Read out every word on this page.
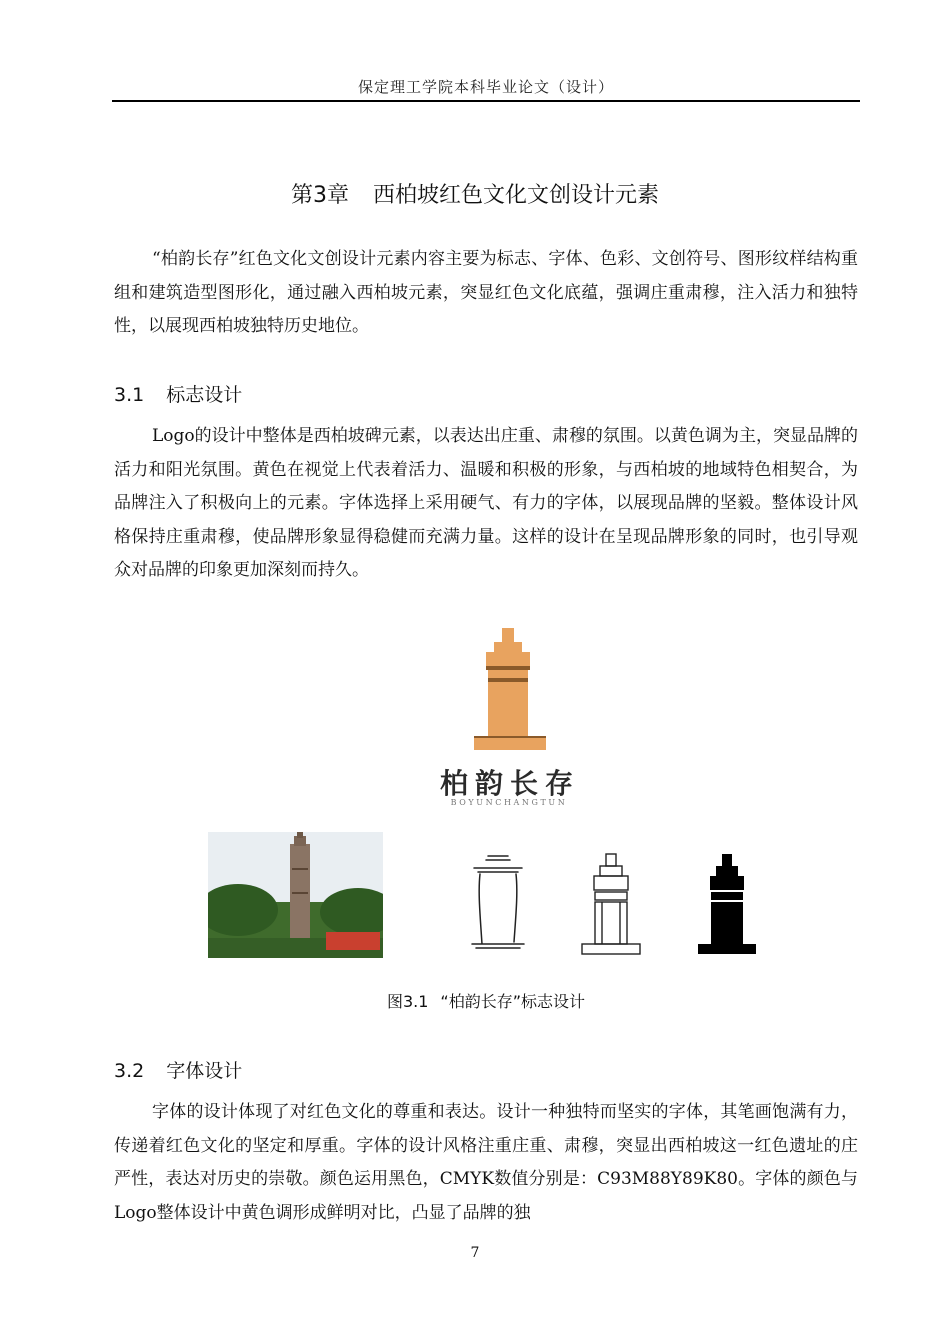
保定理工学院本科毕业论文（设计）
第3章 西柏坡红色文化文创设计元素
“柏韵长存”红色文化文创设计元素内容主要为标志、字体、色彩、文创符号、图形纹样结构重组和建筑造型图形化，通过融入西柏坡元素，突显红色文化底蕴，强调庄重肃穆，注入活力和独特性，以展现西柏坡独特历史地位。
3.1 标志设计
Logo的设计中整体是西柏坡碑元素，以表达出庄重、肃穆的氛围。以黄色调为主，突显品牌的活力和阳光氛围。黄色在视觉上代表着活力、温暖和积极的形象，与西柏坡的地域特色相契合，为品牌注入了积极向上的元素。字体选择上采用硬气、有力的字体，以展现品牌的坚毅。整体设计风格保持庄重肃穆，使品牌形象显得稳健而充满力量。这样的设计在呈现品牌形象的同时，也引导观众对品牌的印象更加深刻而持久。
柏韵长存
BOYUNCHANGTUN
图3.1 “柏韵长存”标志设计
3.2 字体设计
字体的设计体现了对红色文化的尊重和表达。设计一种独特而坚实的字体，其笔画饱满有力，传递着红色文化的坚定和厚重。字体的设计风格注重庄重、肃穆，突显出西柏坡这一红色遗址的庄严性，表达对历史的崇敬。颜色运用黑色，CMYK数值分别是：C93M88Y89K80。字体的颜色与Logo整体设计中黄色调形成鲜明对比，凸显了品牌的独
7
